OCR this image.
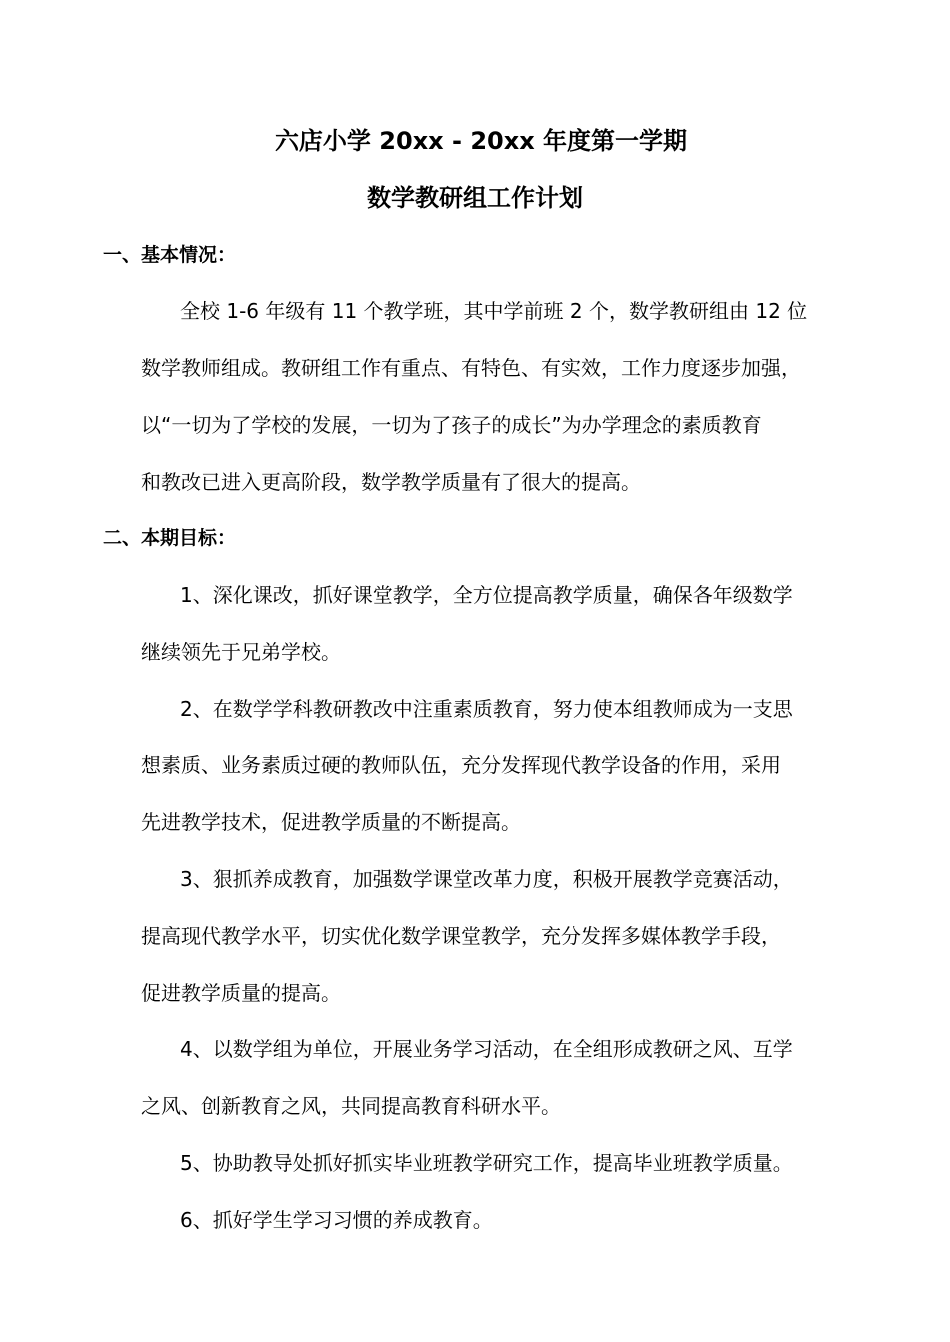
六店小学 20xx - 20xx 年度第一学期
数学教研组工作计划
一、基本情况：
全校 1-6 年级有 11 个教学班，其中学前班 2 个，数学教研组由 12 位
数学教师组成。教研组工作有重点、有特色、有实效，工作力度逐步加强，
以“一切为了学校的发展，一切为了孩子的成长”为办学理念的素质教育
和教改已进入更高阶段，数学教学质量有了很大的提高。
二、本期目标：
1、深化课改，抓好课堂教学，全方位提高教学质量，确保各年级数学
继续领先于兄弟学校。
2、在数学学科教研教改中注重素质教育，努力使本组教师成为一支思
想素质、业务素质过硬的教师队伍，充分发挥现代教学设备的作用，采用
先进教学技术，促进教学质量的不断提高。
3、狠抓养成教育，加强数学课堂改革力度，积极开展教学竞赛活动，
提高现代教学水平，切实优化数学课堂教学，充分发挥多媒体教学手段，
促进教学质量的提高。
4、以数学组为单位，开展业务学习活动，在全组形成教研之风、互学
之风、创新教育之风，共同提高教育科研水平。
5、协助教导处抓好抓实毕业班教学研究工作，提高毕业班教学质量。
6、抓好学生学习习惯的养成教育。
